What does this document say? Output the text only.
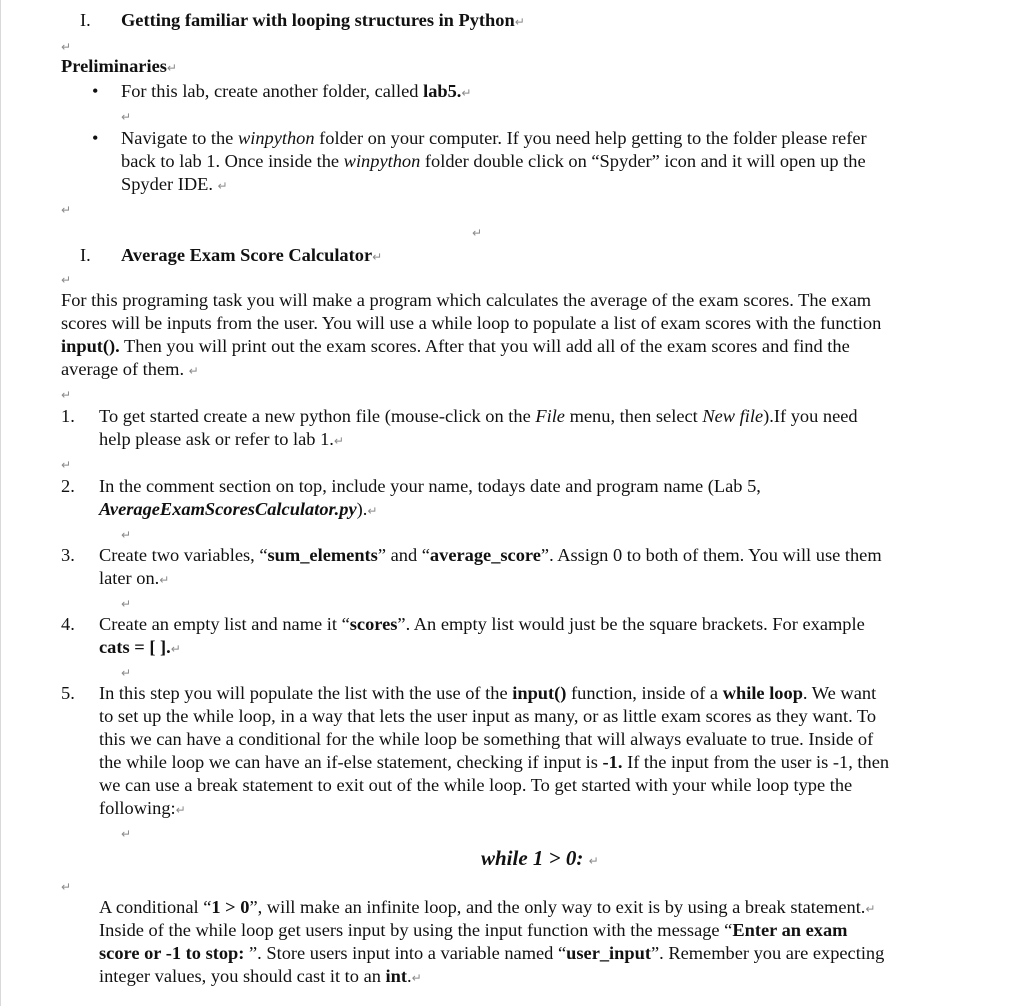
I. Getting familiar with looping structures in Python↵
↵
Preliminaries↵
• For this lab, create another folder, called lab5.↵
↵
• Navigate to the winpython folder on your computer. If you need help getting to the folder please refer
back to lab 1. Once inside the winpython folder double click on “Spyder” icon and it will open up the
Spyder IDE. ↵
↵
↵
I. Average Exam Score Calculator↵
↵
For this programing task you will make a program which calculates the average of the exam scores. The exam
scores will be inputs from the user. You will use a while loop to populate a list of exam scores with the function
input(). Then you will print out the exam scores. After that you will add all of the exam scores and find the
average of them. ↵
↵
1. To get started create a new python file (mouse-click on the File menu, then select New file).If you need
help please ask or refer to lab 1.↵
↵
2. In the comment section on top, include your name, todays date and program name (Lab 5,
AverageExamScoresCalculator.py).↵
↵
3. Create two variables, “sum_elements” and “average_score”. Assign 0 to both of them. You will use them
later on.↵
↵
4. Create an empty list and name it “scores”. An empty list would just be the square brackets. For example
cats = [ ].↵
↵
5. In this step you will populate the list with the use of the input() function, inside of a while loop. We want
to set up the while loop, in a way that lets the user input as many, or as little exam scores as they want. To
this we can have a conditional for the while loop be something that will always evaluate to true. Inside of
the while loop we can have an if-else statement, checking if input is -1. If the input from the user is -1, then
we can use a break statement to exit out of the while loop. To get started with your while loop type the
following:↵
↵
while 1 > 0: ↵
↵
A conditional “1 > 0”, will make an infinite loop, and the only way to exit is by using a break statement.↵
Inside of the while loop get users input by using the input function with the message “Enter an exam
score or -1 to stop: ”. Store users input into a variable named “user_input”. Remember you are expecting
integer values, you should cast it to an int.↵
